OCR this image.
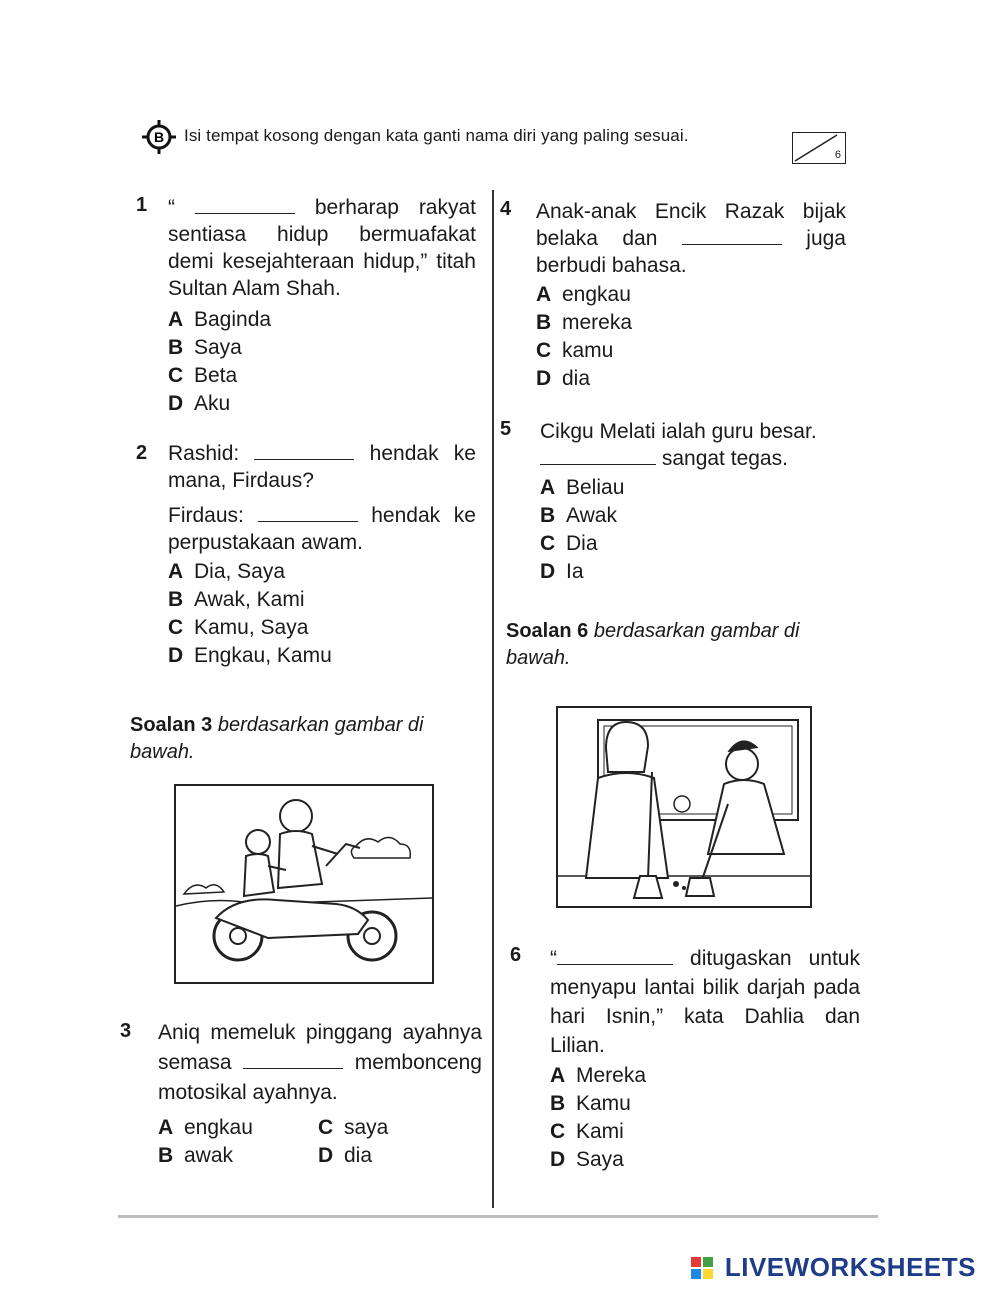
B Isi tempat kosong dengan kata ganti nama diri yang paling sesuai.
6
1 “	berharap rakyat sentiasa hidup bermuafakat demi kesejahteraan hidup,” titah Sultan Alam Shah.
A Baginda
B Saya
C Beta
D Aku
2 Rashid:	hendak ke mana, Firdaus?
Firdaus:	hendak ke perpustakaan awam.
A Dia, Saya
B Awak, Kami
C Kamu, Saya
D Engkau, Kamu
Soalan 3 berdasarkan gambar di bawah.
3 Aniq memeluk pinggang ayahnya semasa	membonceng motosikal ayahnya.
A engkau	C saya
B awak	D dia
4 Anak-anak Encik Razak bijak belaka dan	juga berbudi bahasa.
A engkau
B mereka
C kamu
D dia
5 Cikgu Melati ialah guru besar.
sangat tegas.
A Beliau
B Awak
C Dia
D Ia
Soalan 6 berdasarkan gambar di bawah.
6 “	ditugaskan untuk menyapu lantai bilik darjah pada hari Isnin,” kata Dahlia dan Lilian.
A Mereka
B Kamu
C Kami
D Saya
LIVEWORKSHEETS
